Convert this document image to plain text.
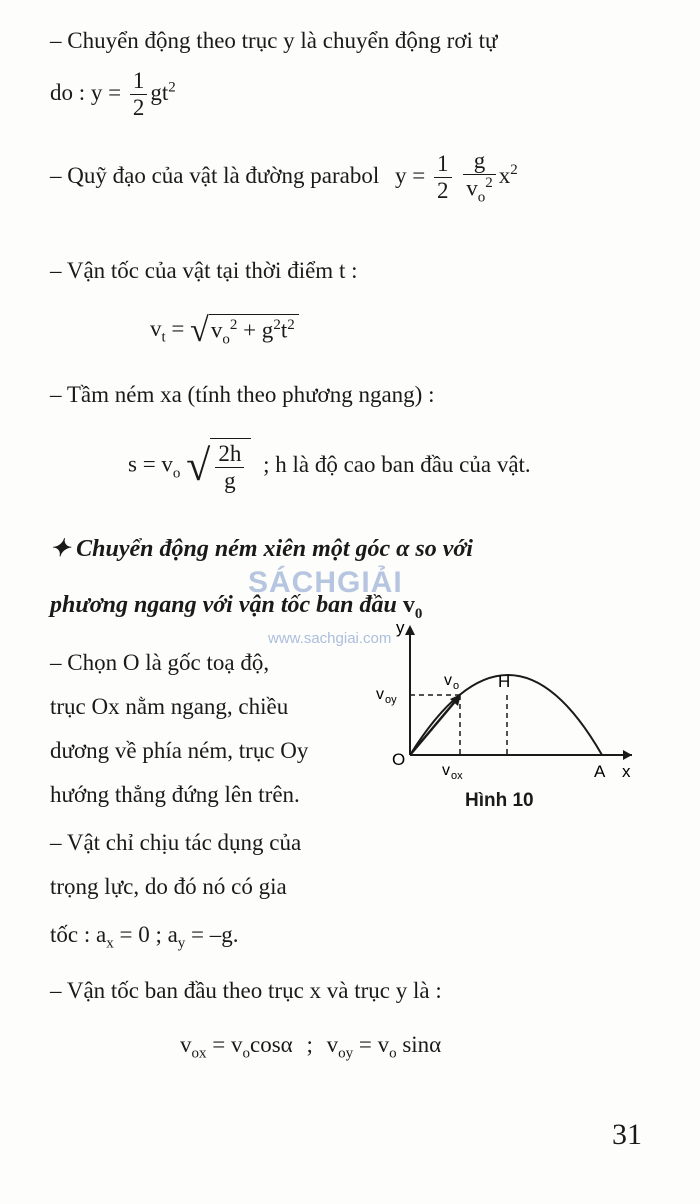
– Chuyển động theo trục y là chuyển động rơi tự
do : $y = \frac{1}{2} gt^2$
– Quỹ đạo của vật là đường parabol $y = \frac{1}{2}$
$\frac{g}{v_o^2} x^2$
– Vận tốc của vật tại thời điểm t :
$v_t = √v_o^2 + g^2t^2$
– Tầm ném xa (tính theo phương ngang) :
$s = v_o$ √ $\frac{2h}{g}$ ; h là độ cao ban đầu của vật.
✦ Chuyển động ném xiên một góc α so với
phương ngang với vận tốc ban đầu $v_0$
SÁCHGIẢI
www.sachgiai.com
– Chọn O là gốc toạ độ,
trục Ox nằm ngang, chiều
dương về phía ném, trục Oy
hướng thẳng đứng lên trên.
– Vật chỉ chịu tác dụng của
trọng lực, do đó nó có gia
tốc : $a_x = 0$ ; $a_y = -g$.
y
x
O
A
H
v o
v oy
v ox
Hình 10
– Vận tốc ban đầu theo trục x và trục y là :
$v_{ox} = v_o\cos\alpha$ ; $v_{oy} = v_o$ sinα
31
